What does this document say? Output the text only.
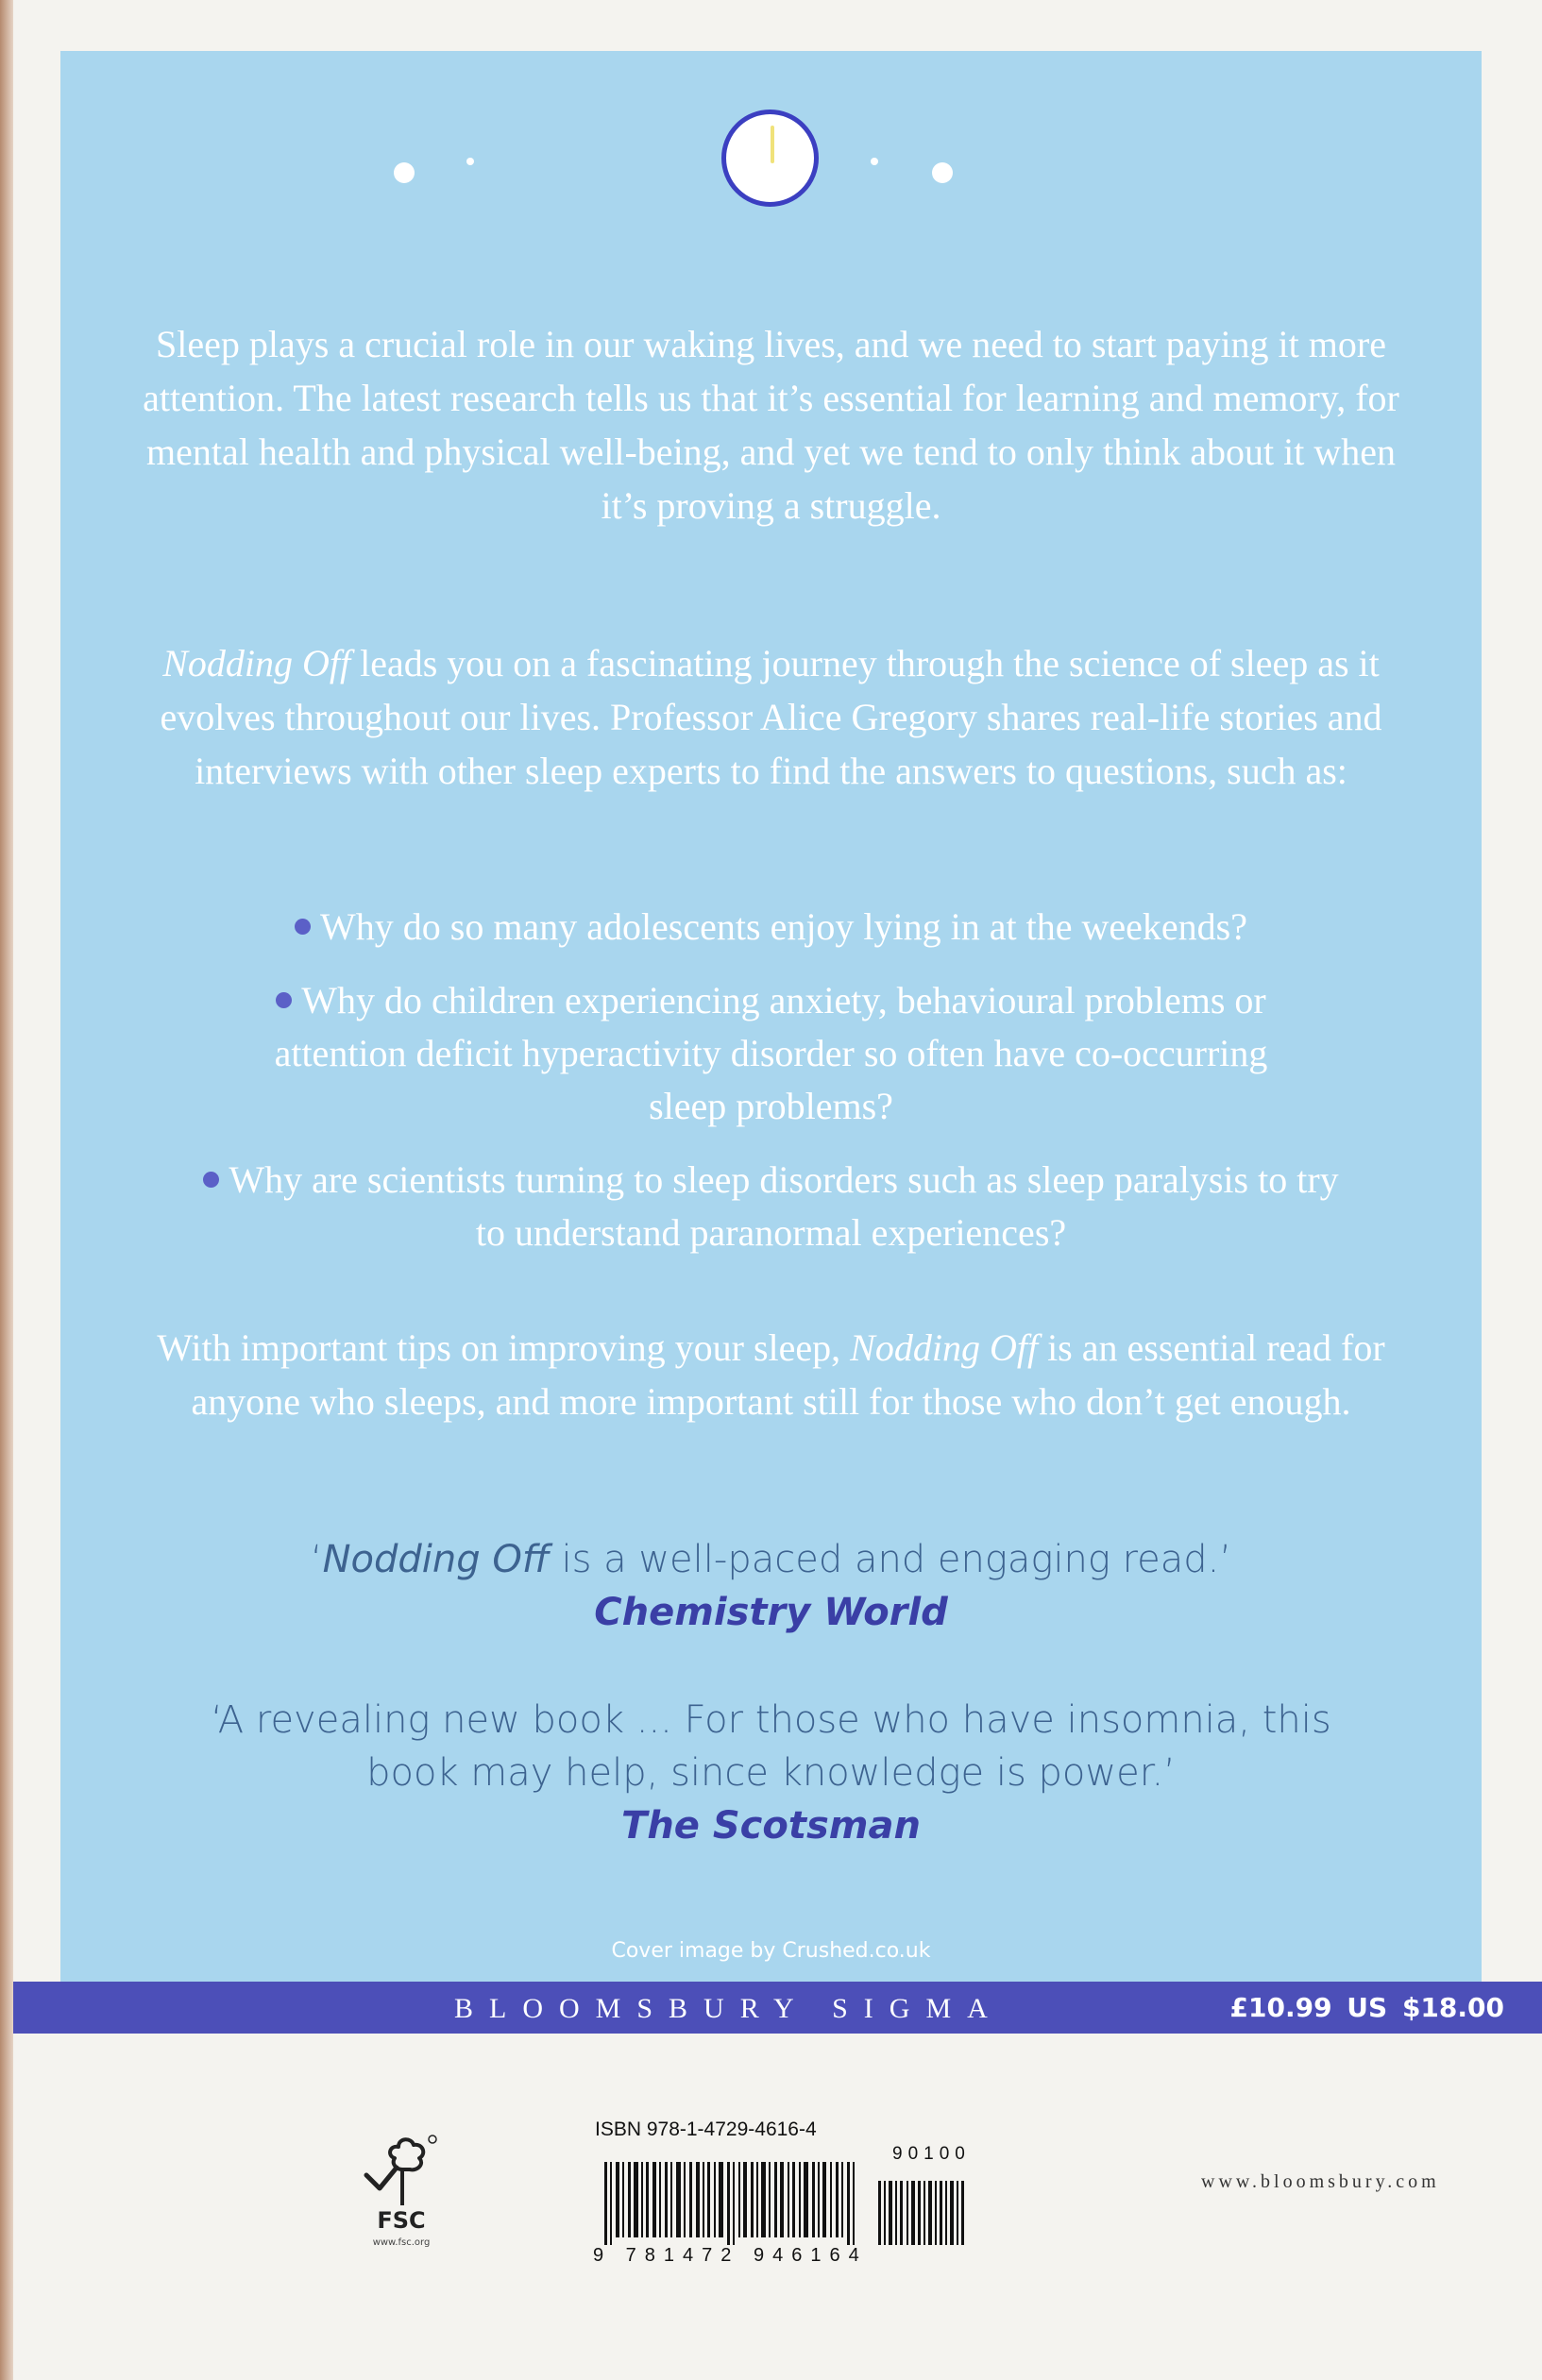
Sleep plays a crucial role in our waking lives, and we need to start paying it more attention. The latest research tells us that it’s essential for learning and memory, for mental health and physical well-being, and yet we tend to only think about it when it’s proving a struggle.

Nodding Off leads you on a fascinating journey through the science of sleep as it evolves throughout our lives. Professor Alice Gregory shares real-life stories and interviews with other sleep experts to find the answers to questions, such as:

Why do so many adolescents enjoy lying in at the weekends?

Why do children experiencing anxiety, behavioural problems or attention deficit hyperactivity disorder so often have co-occurring sleep problems?

Why are scientists turning to sleep disorders such as sleep paralysis to try to understand paranormal experiences?

With important tips on improving your sleep, Nodding Off is an essential read for anyone who sleeps, and more important still for those who don’t get enough.

‘Nodding Off is a well-paced and engaging read.’

Chemistry World

‘A revealing new book ... For those who have insomnia, this book may help, since knowledge is power.’

The Scotsman

Cover image by Crushed.co.uk
BLOOMSBURY SIGMA	£10.99 US $18.00
FSC
www.fsc.org
ISBN 978-1-4729-4616-4
90100
9 781472 946164
www.bloomsbury.com
